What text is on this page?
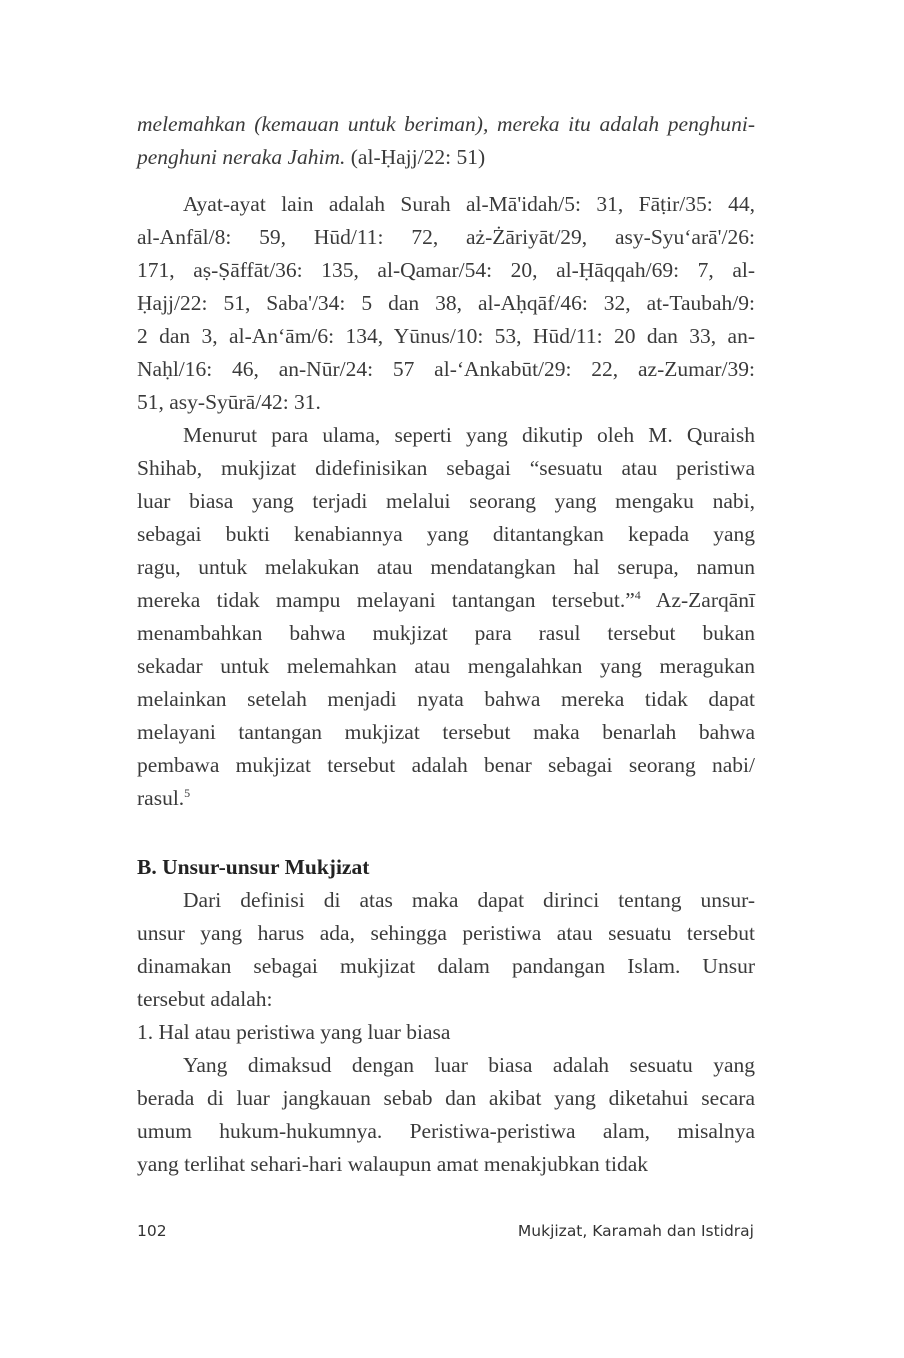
melemahkan (kemauan untuk beriman), mereka itu adalah penghuni-
penghuni neraka Jahim. (al-Ḥajj/22: 51)
Ayat-ayat lain adalah Surah al-Mā'idah/5: 31, Fāṭir/35: 44,
al-Anfāl/8: 59, Hūd/11: 72, aż-Żāriyāt/29, asy-Syu‘arā'/26:
171, aṣ-Ṣāffāt/36: 135, al-Qamar/54: 20, al-Ḥāqqah/69: 7, al-
Ḥajj/22: 51, Saba'/34: 5 dan 38, al-Aḥqāf/46: 32, at-Taubah/9:
2 dan 3, al-An‘ām/6: 134, Yūnus/10: 53, Hūd/11: 20 dan 33, an-
Naḥl/16: 46, an-Nūr/24: 57 al-‘Ankabūt/29: 22, az-Zumar/39:
51, asy-Syūrā/42: 31.
Menurut para ulama, seperti yang dikutip oleh M. Quraish
Shihab, mukjizat didefinisikan sebagai “sesuatu atau peristiwa
luar biasa yang terjadi melalui seorang yang mengaku nabi,
sebagai bukti kenabiannya yang ditantangkan kepada yang
ragu, untuk melakukan atau mendatangkan hal serupa, namun
mereka tidak mampu melayani tantangan tersebut.”$^4$ Az-Zarqānī
menambahkan bahwa mukjizat para rasul tersebut bukan
sekadar untuk melemahkan atau mengalahkan yang meragukan
melainkan setelah menjadi nyata bahwa mereka tidak dapat
melayani tantangan mukjizat tersebut maka benarlah bahwa
pembawa mukjizat tersebut adalah benar sebagai seorang nabi/
rasul.$^5$
B. Unsur-unsur Mukjizat
Dari definisi di atas maka dapat dirinci tentang unsur-
unsur yang harus ada, sehingga peristiwa atau sesuatu tersebut
dinamakan sebagai mukjizat dalam pandangan Islam. Unsur
tersebut adalah:
1. Hal atau peristiwa yang luar biasa
Yang dimaksud dengan luar biasa adalah sesuatu yang
berada di luar jangkauan sebab dan akibat yang diketahui secara
umum hukum-hukumnya. Peristiwa-peristiwa alam, misalnya
yang terlihat sehari-hari walaupun amat menakjubkan tidak
102	Mukjizat, Karamah dan Istidraj
